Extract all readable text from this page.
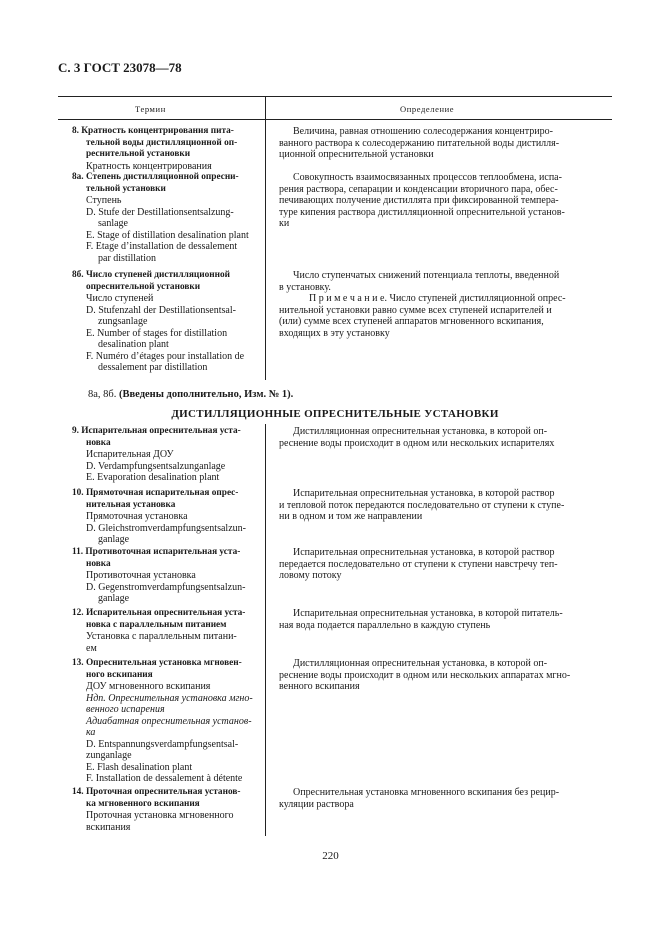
С. 3 ГОСТ 23078—78
Термин	Определение
8. Кратность концентрирования пита-
тельной воды дистилляционной оп-
реснительной установки
Кратность концентрирования
Величина, равная отношению солесодержания концентриро-
ванного раствора к солесодержанию питательной воды дистилля-
ционной опреснительной установки
8а. Степень дистилляционной опресни-
тельной установки
Ступень
D. Stufe der Destillationsentsalzung-
sanlage
E. Stage of distillation desalination plant
F. Etage d’installation de dessalement
par distillation
Совокупность взаимосвязанных процессов теплообмена, испа-
рения раствора, сепарации и конденсации вторичного пара, обес-
печивающих получение дистиллята при фиксированной темпера-
туре кипения раствора дистилляционной опреснительной установ-
ки
8б. Число ступеней дистилляционной
опреснительной установки
Число ступеней
D. Stufenzahl der Destillationsentsal-
zungsanlage
E. Number of stages for distillation
desalination plant
F. Numéro d’étages pour installation de
dessalement par distillation
Число ступенчатых снижений потенциала теплоты, введенной
в установку.
П р и м е ч а н и е. Число ступеней дистилляционной опрес-
нительной установки равно сумме всех ступеней испарителей и
(или) сумме всех ступеней аппаратов мгновенного вскипания,
входящих в эту установку
8а, 8б. (Введены дополнительно, Изм. № 1).
ДИСТИЛЛЯЦИОННЫЕ ОПРЕСНИТЕЛЬНЫЕ УСТАНОВКИ
9. Испарительная опреснительная уста-
новка
Испарительная ДОУ
D. Verdampfungsentsalzunganlage
E. Evaporation desalination plant
Дистилляционная опреснительная установка, в которой оп-
реснение воды происходит в одном или нескольких испарителях
10. Прямоточная испарительная опрес-
нительная установка
Прямоточная установка
D. Gleichstromverdampfungsentsalzun-
ganlage
Испарительная опреснительная установка, в которой раствор
и тепловой поток передаются последовательно от ступени к ступе-
ни в одном и том же направлении
11. Противоточная испарительная уста-
новка
Противоточная установка
D. Gegenstromverdampfungsentsalzun-
ganlage
Испарительная опреснительная установка, в которой раствор
передается последовательно от ступени к ступени навстречу теп-
ловому потоку
12. Испарительная опреснительная уста-
новка с параллельным питанием
Установка с параллельным питани-
ем
Испарительная опреснительная установка, в которой питатель-
ная вода подается параллельно в каждую ступень
13. Опреснительная установка мгновен-
ного вскипания
ДОУ мгновенного вскипания
Ндп. Опреснительная установка мгно-
венного испарения
Адиабатная опреснительная установ-
ка
D. Entspannungsverdampfungsentsal-
zunganlage
E. Flash desalination plant
F. Installation de dessalement à détente
Дистилляционная опреснительная установка, в которой оп-
реснение воды происходит в одном или нескольких аппаратах мгно-
венного вскипания
14. Проточная опреснительная установ-
ка мгновенного вскипания
Проточная установка мгновенного
вскипания
Опреснительная установка мгновенного вскипания без рецир-
куляции раствора
220
